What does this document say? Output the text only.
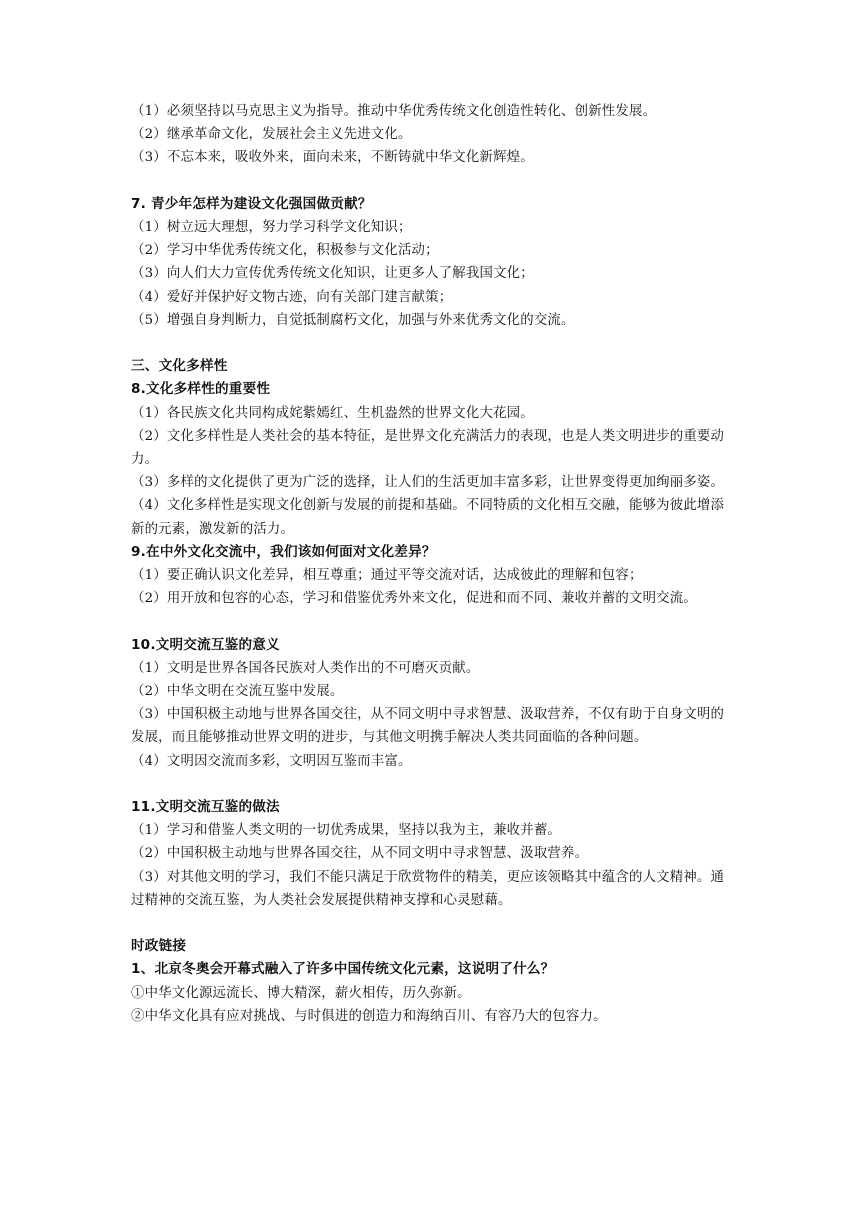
（1）必须坚持以马克思主义为指导。推动中华优秀传统文化创造性转化、创新性发展。
（2）继承革命文化，发展社会主义先进文化。
（3）不忘本来，吸收外来，面向未来，不断铸就中华文化新辉煌。
7. 青少年怎样为建设文化强国做贡献？
（1）树立远大理想，努力学习科学文化知识；
（2）学习中华优秀传统文化，积极参与文化活动；
（3）向人们大力宣传优秀传统文化知识，让更多人了解我国文化；
（4）爱好并保护好文物古迹，向有关部门建言献策；
（5）增强自身判断力，自觉抵制腐朽文化，加强与外来优秀文化的交流。
三、文化多样性
8.文化多样性的重要性
（1）各民族文化共同构成姹紫嫣红、生机盎然的世界文化大花园。
（2）文化多样性是人类社会的基本特征，是世界文化充满活力的表现，也是人类文明进步的重要动力。
（3）多样的文化提供了更为广泛的选择，让人们的生活更加丰富多彩，让世界变得更加绚丽多姿。
（4）文化多样性是实现文化创新与发展的前提和基础。不同特质的文化相互交融，能够为彼此增添新的元素，激发新的活力。
9.在中外文化交流中，我们该如何面对文化差异？
（1）要正确认识文化差异，相互尊重；通过平等交流对话，达成彼此的理解和包容；
（2）用开放和包容的心态，学习和借鉴优秀外来文化，促进和而不同、兼收并蓄的文明交流。
10.文明交流互鉴的意义
（1）文明是世界各国各民族对人类作出的不可磨灭贡献。
（2）中华文明在交流互鉴中发展。
（3）中国积极主动地与世界各国交往，从不同文明中寻求智慧、汲取营养，不仅有助于自身文明的发展，而且能够推动世界文明的进步，与其他文明携手解决人类共同面临的各种问题。
（4）文明因交流而多彩，文明因互鉴而丰富。
11.文明交流互鉴的做法
（1）学习和借鉴人类文明的一切优秀成果，坚持以我为主，兼收并蓄。
（2）中国积极主动地与世界各国交往，从不同文明中寻求智慧、汲取营养。
（3）对其他文明的学习，我们不能只满足于欣赏物件的精美，更应该领略其中蕴含的人文精神。通过精神的交流互鉴，为人类社会发展提供精神支撑和心灵慰藉。
时政链接
1、北京冬奥会开幕式融入了许多中国传统文化元素，这说明了什么？
①中华文化源远流长、博大精深，薪火相传，历久弥新。
②中华文化具有应对挑战、与时俱进的创造力和海纳百川、有容乃大的包容力。
